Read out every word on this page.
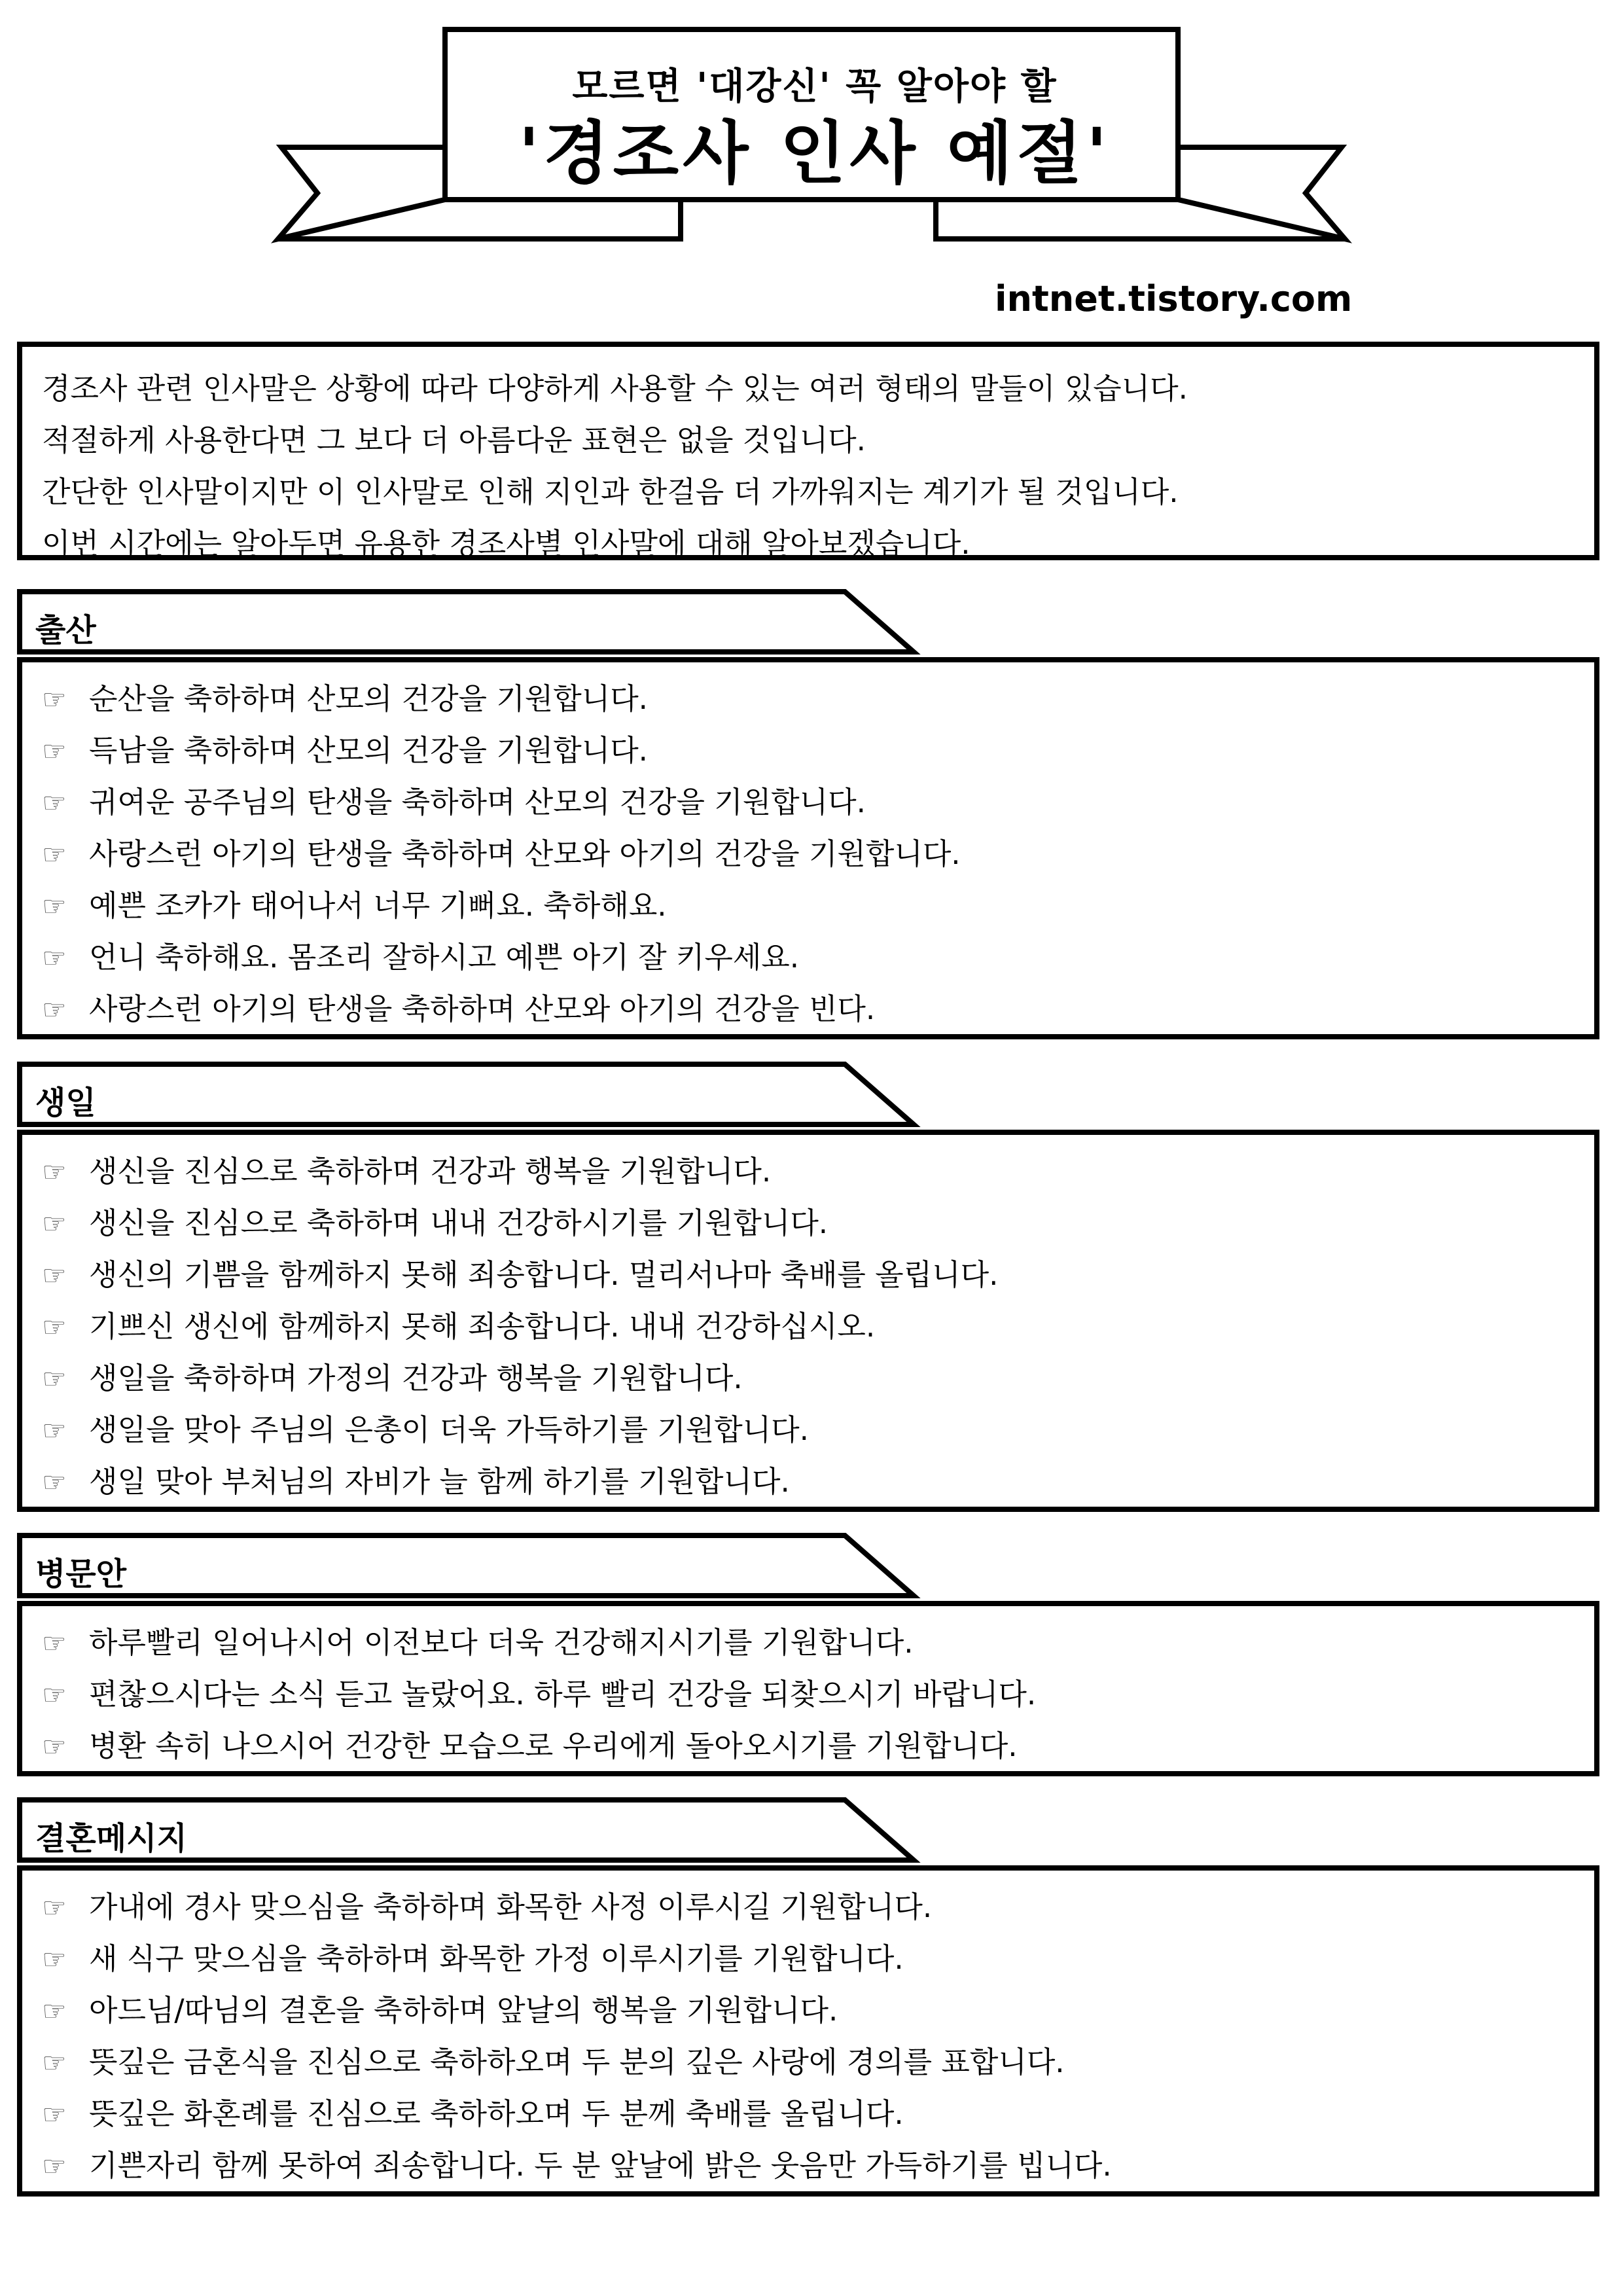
모르면 '대강신' 꼭 알아야 할
'경조사 인사 예절'
intnet.tistory.com
경조사 관련 인사말은 상황에 따라 다양하게 사용할 수 있는 여러 형태의 말들이 있습니다.
적절하게 사용한다면 그 보다 더 아름다운 표현은 없을 것입니다.
간단한 인사말이지만 이 인사말로 인해 지인과 한걸음 더 가까워지는 계기가 될 것입니다.
이번 시간에는 알아두면 유용한 경조사별 인사말에 대해 알아보겠습니다.
출산
☞ 순산을 축하하며 산모의 건강을 기원합니다.
☞ 득남을 축하하며 산모의 건강을 기원합니다.
☞ 귀여운 공주님의 탄생을 축하하며 산모의 건강을 기원합니다.
☞ 사랑스런 아기의 탄생을 축하하며 산모와 아기의 건강을 기원합니다.
☞ 예쁜 조카가 태어나서 너무 기뻐요. 축하해요.
☞ 언니 축하해요. 몸조리 잘하시고 예쁜 아기 잘 키우세요.
☞ 사랑스런 아기의 탄생을 축하하며 산모와 아기의 건강을 빈다.
생일
☞ 생신을 진심으로 축하하며 건강과 행복을 기원합니다.
☞ 생신을 진심으로 축하하며 내내 건강하시기를 기원합니다.
☞ 생신의 기쁨을 함께하지 못해 죄송합니다. 멀리서나마 축배를 올립니다.
☞ 기쁘신 생신에 함께하지 못해 죄송합니다. 내내 건강하십시오.
☞ 생일을 축하하며 가정의 건강과 행복을 기원합니다.
☞ 생일을 맞아 주님의 은총이 더욱 가득하기를 기원합니다.
☞ 생일 맞아 부처님의 자비가 늘 함께 하기를 기원합니다.
병문안
☞ 하루빨리 일어나시어 이전보다 더욱 건강해지시기를 기원합니다.
☞ 편찮으시다는 소식 듣고 놀랐어요. 하루 빨리 건강을 되찾으시기 바랍니다.
☞ 병환 속히 나으시어 건강한 모습으로 우리에게 돌아오시기를 기원합니다.
결혼메시지
☞ 가내에 경사 맞으심을 축하하며 화목한 사정 이루시길 기원합니다.
☞ 새 식구 맞으심을 축하하며 화목한 가정 이루시기를 기원합니다.
☞ 아드님/따님의 결혼을 축하하며 앞날의 행복을 기원합니다.
☞ 뜻깊은 금혼식을 진심으로 축하하오며 두 분의 깊은 사랑에 경의를 표합니다.
☞ 뜻깊은 화혼례를 진심으로 축하하오며 두 분께 축배를 올립니다.
☞ 기쁜자리 함께 못하여 죄송합니다. 두 분 앞날에 밝은 웃음만 가득하기를 빕니다.
